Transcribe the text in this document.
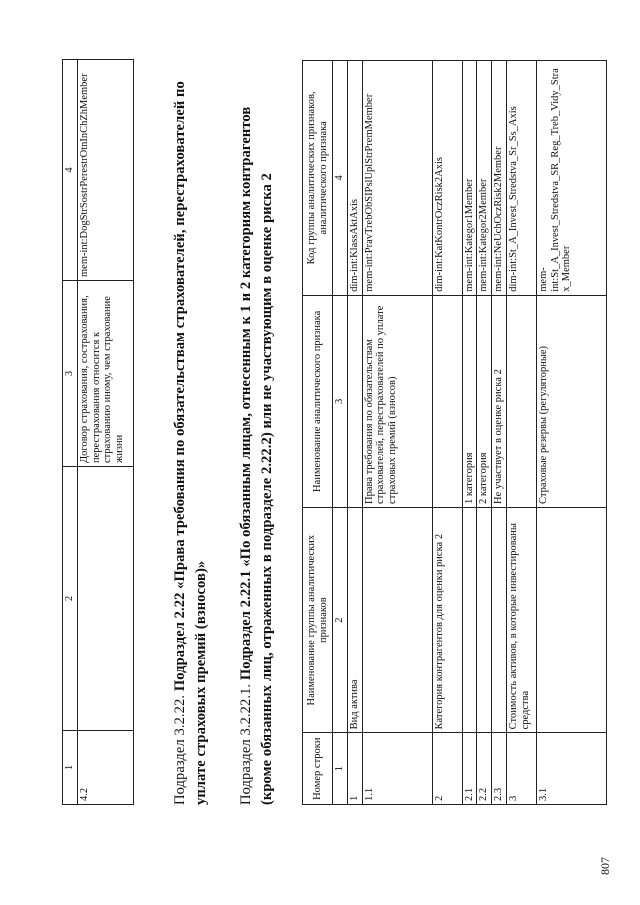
1	2	3	4
4.2		Договор страхования, сострахования, перестрахования относится к страхованию иному, чем страхование жизни	mem-int:DogStrSostrPerestrOtnInChZhMember
Подраздел 3.2.22. Подраздел 2.22 «Права требования по обязательствам страхователей, перестрахователей по уплате страховых премий (взносов)» Подраздел 3.2.22.1. Подраздел 2.22.1 «По обязанным лицам, отнесенным к 1 и 2 категориям контрагентов (кроме обязанных лиц, отраженных в подразделе 2.22.2) или не участвующим в оценке риска 2	Номер строки	Наименование группы аналитических признаков	Наименование аналитического признака	Код группы аналитических признаков, аналитического признака
1	2	3	4
1	Вид актива		dim-int:KlassAktAxis
1.1		Права требования по обязательствам страхователей, перестрахователей по уплате страховых премий (взносов)	mem-int:PravTrebObSIPslUplStrPremMember
2	Категория контрагентов для оценки риска 2		dim-int:KatKontrOczRisk2Axis
2.1		1 категория	mem-int:Kategor1Member
2.2		2 категория	mem-int:Kategor2Member
2.3		Не участвует в оценке риска 2	mem-int:NeUchOczRisk2Member
3	Стоимость активов, в которые инвестированы средства		dim-int:St_A_Invest_Stredstva_Sr_Ss_Axis
3.1		Страховые резервы (регуляторные)	mem-int:St_A_Invest_Stredstva_SR_Reg_Treb_Vidy_Strax_Member
807
